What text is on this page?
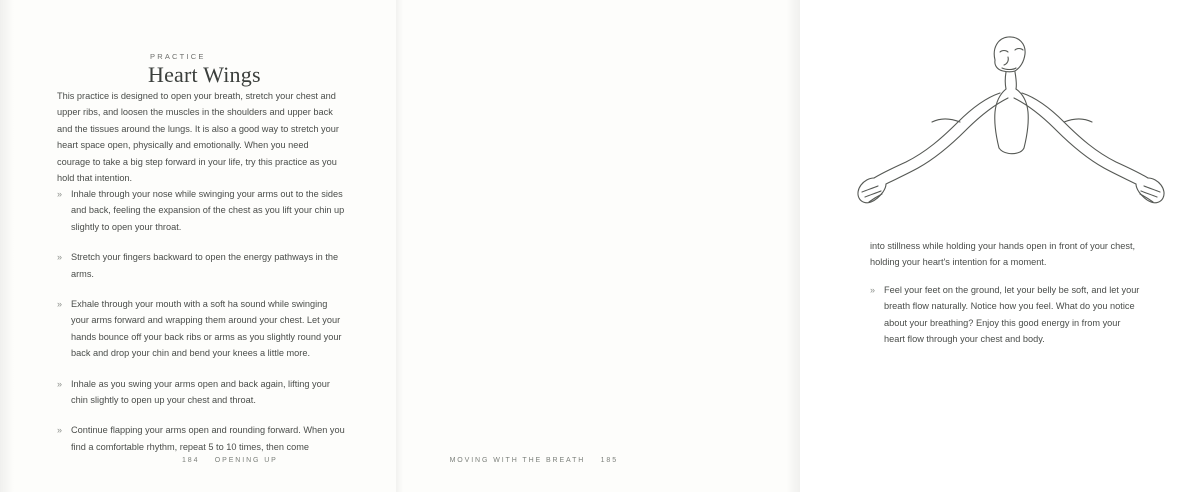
PRACTICE
Heart Wings
This practice is designed to open your breath, stretch your chest and upper ribs, and loosen the muscles in the shoulders and upper back and the tissues around the lungs. It is also a good way to stretch your heart space open, physically and emotionally. When you need courage to take a big step forward in your life, try this practice as you hold that intention.
» Inhale through your nose while swinging your arms out to the sides and back, feeling the expansion of the chest as you lift your chin up slightly to open your throat.
» Stretch your fingers backward to open the energy pathways in the arms.
» Exhale through your mouth with a soft ha sound while swinging your arms forward and wrapping them around your chest. Let your hands bounce off your back ribs or arms as you slightly round your back and drop your chin and bend your knees a little more.
» Inhale as you swing your arms open and back again, lifting your chin slightly to open up your chest and throat.
» Continue flapping your arms open and rounding forward. When you find a comfortable rhythm, repeat 5 to 10 times, then come
184 OPENING UP
into stillness while holding your hands open in front of your chest, holding your heart's intention for a moment.
» Feel your feet on the ground, let your belly be soft, and let your breath flow naturally. Notice how you feel. What do you notice about your breathing? Enjoy this good energy in from your heart flow through your chest and body.
MOVING WITH THE BREATH 185
